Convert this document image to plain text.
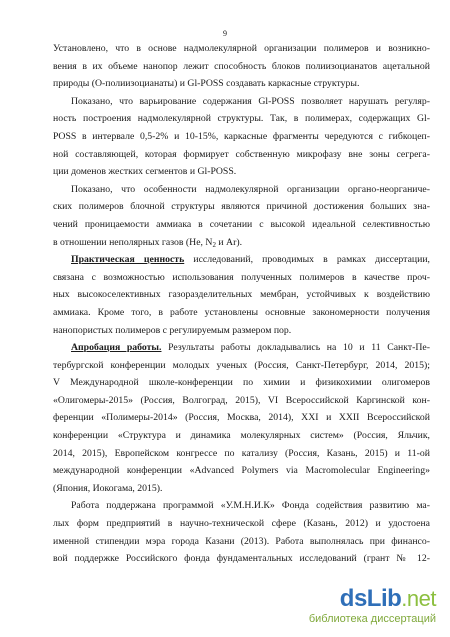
9
Установлено, что в основе надмолекулярной организации полимеров и возникно-
вения в их объеме нанопор лежит способность блоков полиизоцианатов ацетальной
природы (О-полиизоцианаты) и Gl-POSS создавать каркасные структуры.
Показано, что варьирование содержания Gl-POSS позволяет нарушать регуляр-
ность построения надмолекулярной структуры. Так, в полимерах, содержащих Gl-
POSS в интервале 0,5-2% и 10-15%, каркасные фрагменты чередуются с гибкоцеп-
ной составляющей, которая формирует собственную микрофазу вне зоны сегрега-
ции доменов жестких сегментов и Gl-POSS.
Показано, что особенности надмолекулярной организации органо-неорганиче-
ских полимеров блочной структуры являются причиной достижения больших зна-
чений проницаемости аммиака в сочетании с высокой идеальной селективностью
в отношении неполярных газов (He, $N_2$ и Ar).
Практическая ценность исследований, проводимых в рамках диссертации,
связана с возможностью использования полученных полимеров в качестве проч-
ных высокоселективных газоразделительных мембран, устойчивых к воздействию
аммиака. Кроме того, в работе установлены основные закономерности получения
нанопористых полимеров с регулируемым размером пор.
Апробация работы. Результаты работы докладывались на 10 и 11 Санкт-Пе-
тербургской конференции молодых ученых (Россия, Санкт-Петербург, 2014, 2015);
V Международной школе-конференции по химии и физикохимии олигомеров
«Олигомеры-2015» (Россия, Волгоград, 2015), VI Всероссийской Каргинской кон-
ференции «Полимеры-2014» (Россия, Москва, 2014), XXI и XXII Всероссийской
конференции «Структура и динамика молекулярных систем» (Россия, Яльчик,
2014, 2015), Европейском конгрессе по катализу (Россия, Казань, 2015) и 11-ой
международной конференции «Advanced Polymers via Macromolecular Engineering»
(Япония, Иокогама, 2015).
Работа поддержана программой «У.М.Н.И.К» Фонда содействия развитию ма-
лых форм предприятий в научно-технической сфере (Казань, 2012) и удостоена
именной стипендии мэра города Казани (2013). Работа выполнялась при финансо-
вой поддержке Российского фонда фундаментальных исследований (грант № 12-
dsLib.net
библиотека диссертаций
